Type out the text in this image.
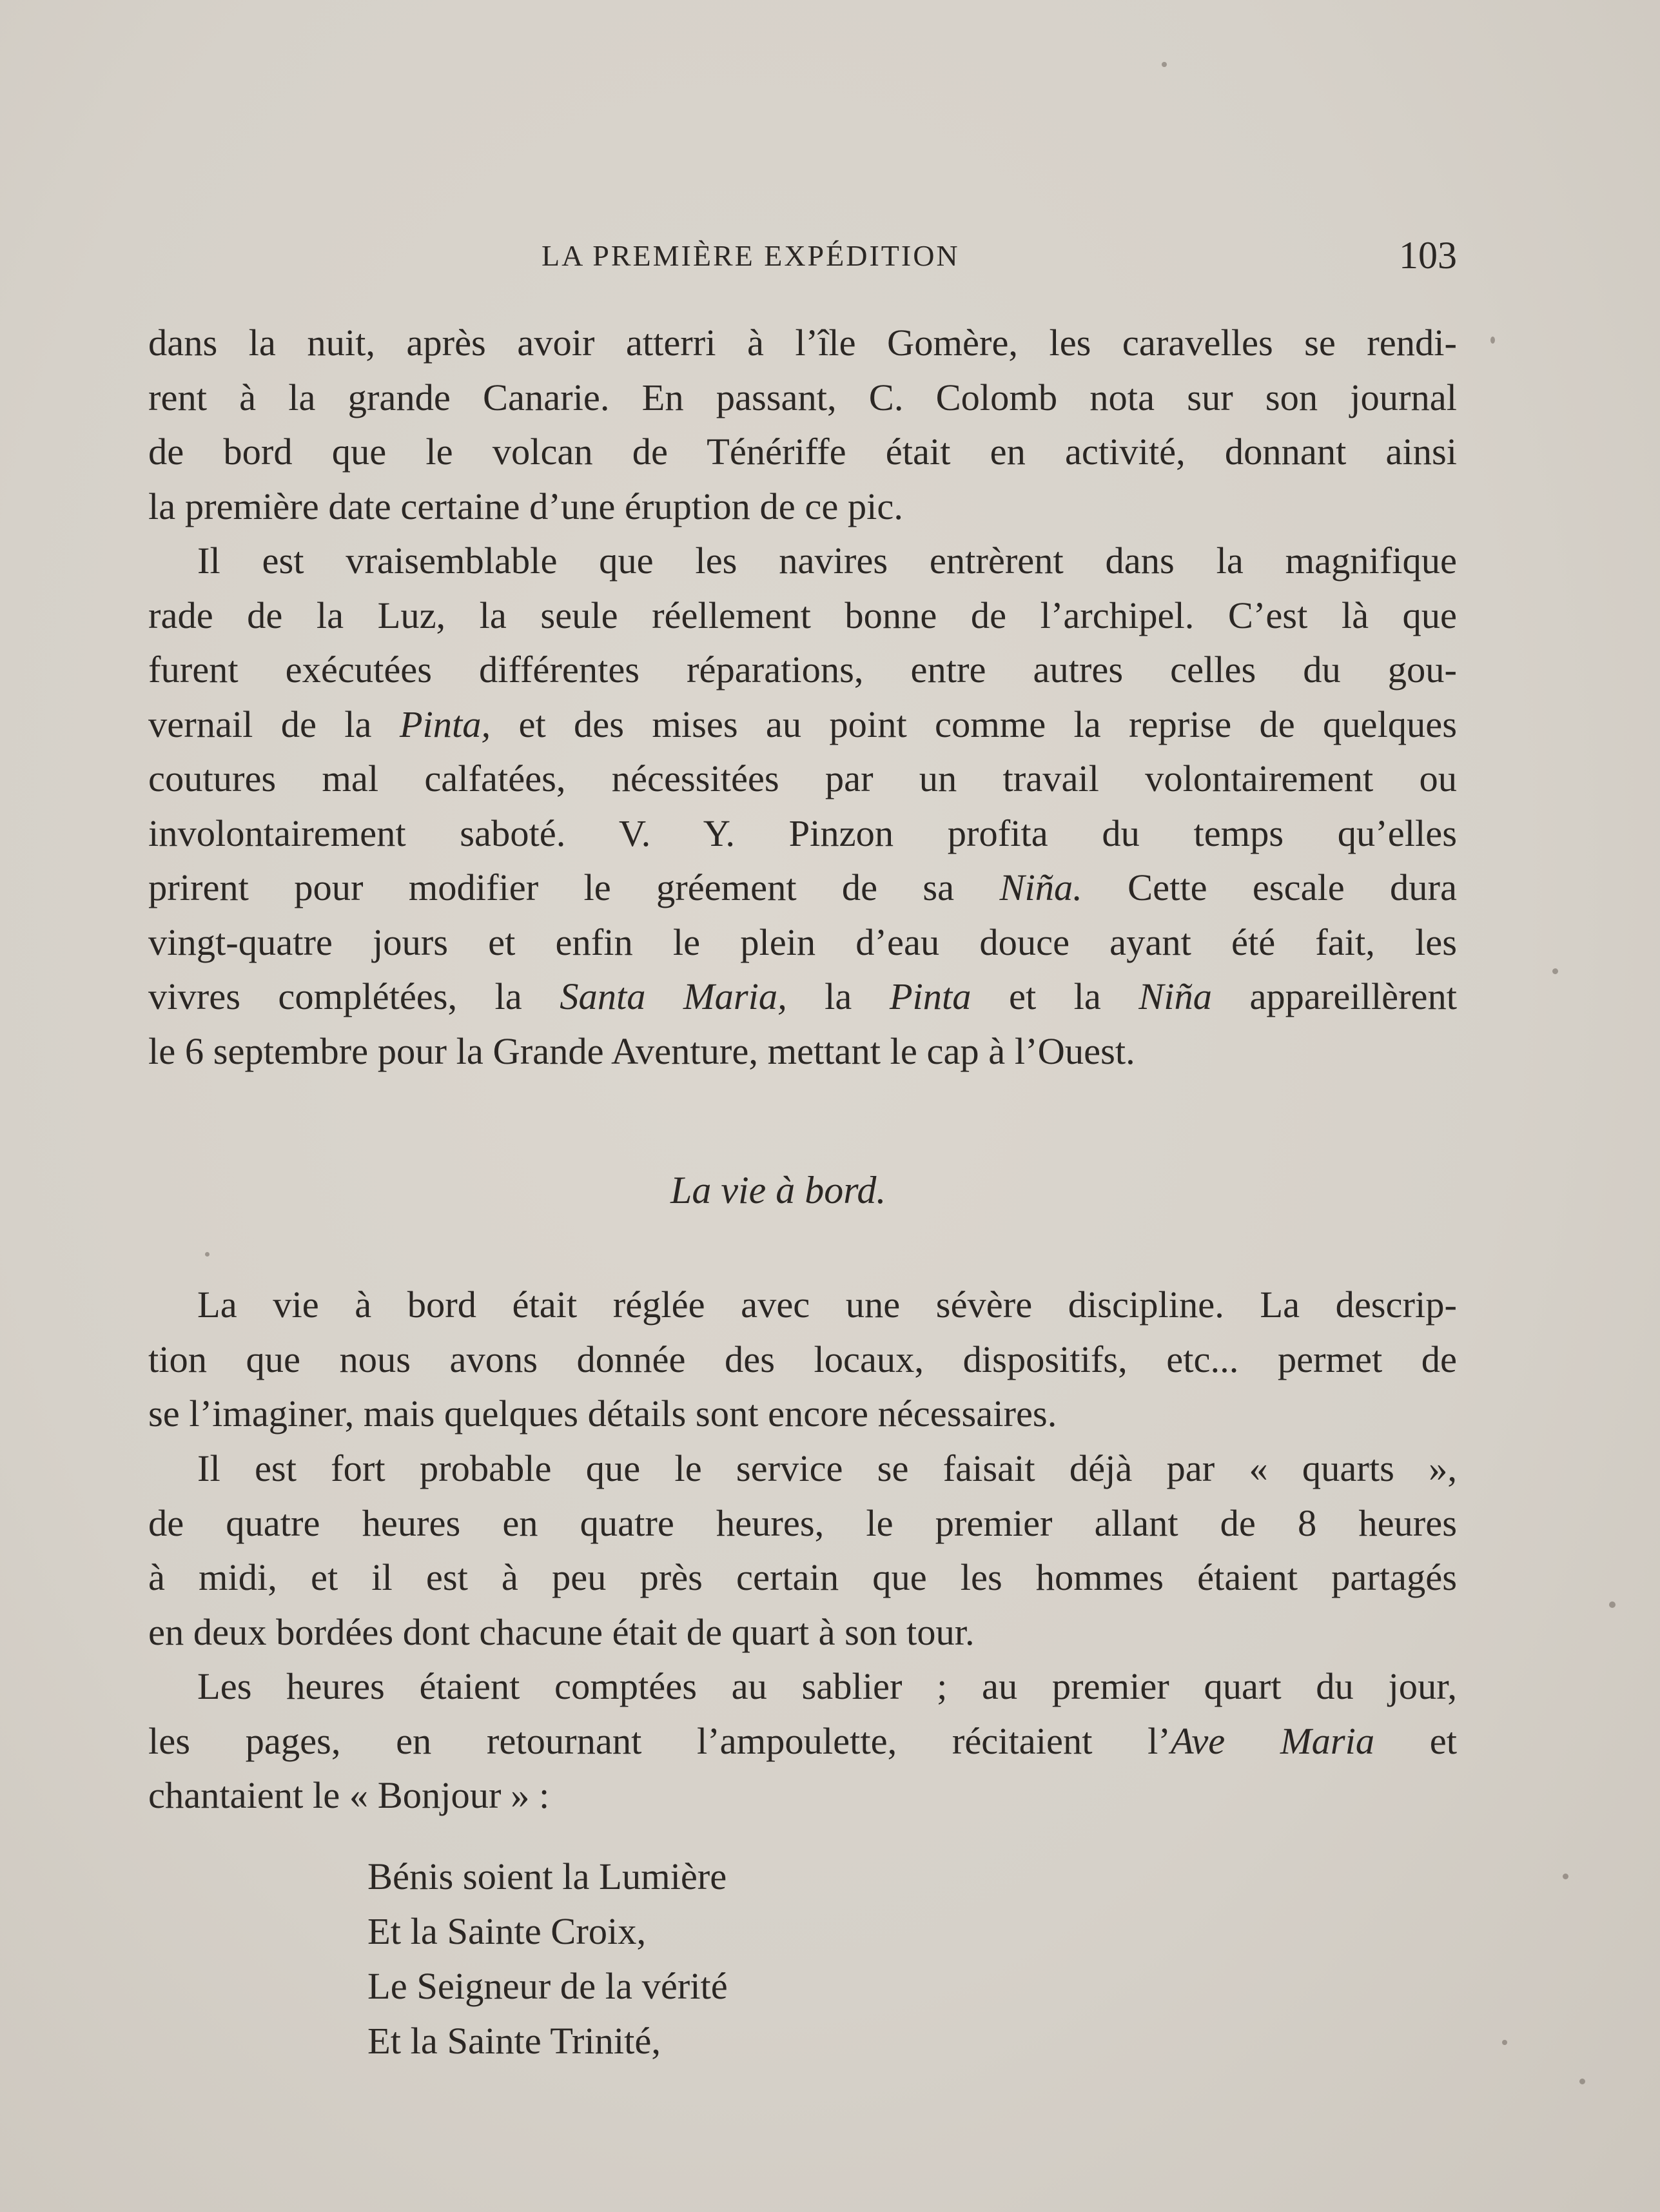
LA PREMIÈRE EXPÉDITION	103

dans la nuit, après avoir atterri à l’île Gomère, les caravelles se rendi-
rent à la grande Canarie. En passant, C. Colomb nota sur son journal
de bord que le volcan de Ténériffe était en activité, donnant ainsi
la première date certaine d’une éruption de ce pic.

Il est vraisemblable que les navires entrèrent dans la magnifique
rade de la Luz, la seule réellement bonne de l’archipel. C’est là que
furent exécutées différentes réparations, entre autres celles du gou-
vernail de la Pinta, et des mises au point comme la reprise de quelques
coutures mal calfatées, nécessitées par un travail volontairement ou
involontairement saboté. V. Y. Pinzon profita du temps qu’elles
prirent pour modifier le gréement de sa Niña. Cette escale dura
vingt-quatre jours et enfin le plein d’eau douce ayant été fait, les
vivres complétées, la Santa Maria, la Pinta et la Niña appareillèrent
le 6 septembre pour la Grande Aventure, mettant le cap à l’Ouest.

La vie à bord.

La vie à bord était réglée avec une sévère discipline. La descrip-
tion que nous avons donnée des locaux, dispositifs, etc... permet de
se l’imaginer, mais quelques détails sont encore nécessaires.

Il est fort probable que le service se faisait déjà par « quarts »,
de quatre heures en quatre heures, le premier allant de 8 heures
à midi, et il est à peu près certain que les hommes étaient partagés
en deux bordées dont chacune était de quart à son tour.

Les heures étaient comptées au sablier ; au premier quart du jour,
les pages, en retournant l’ampoulette, récitaient l’Ave Maria et
chantaient le « Bonjour » :

Bénis soient la Lumière
Et la Sainte Croix,
Le Seigneur de la vérité
Et la Sainte Trinité,
